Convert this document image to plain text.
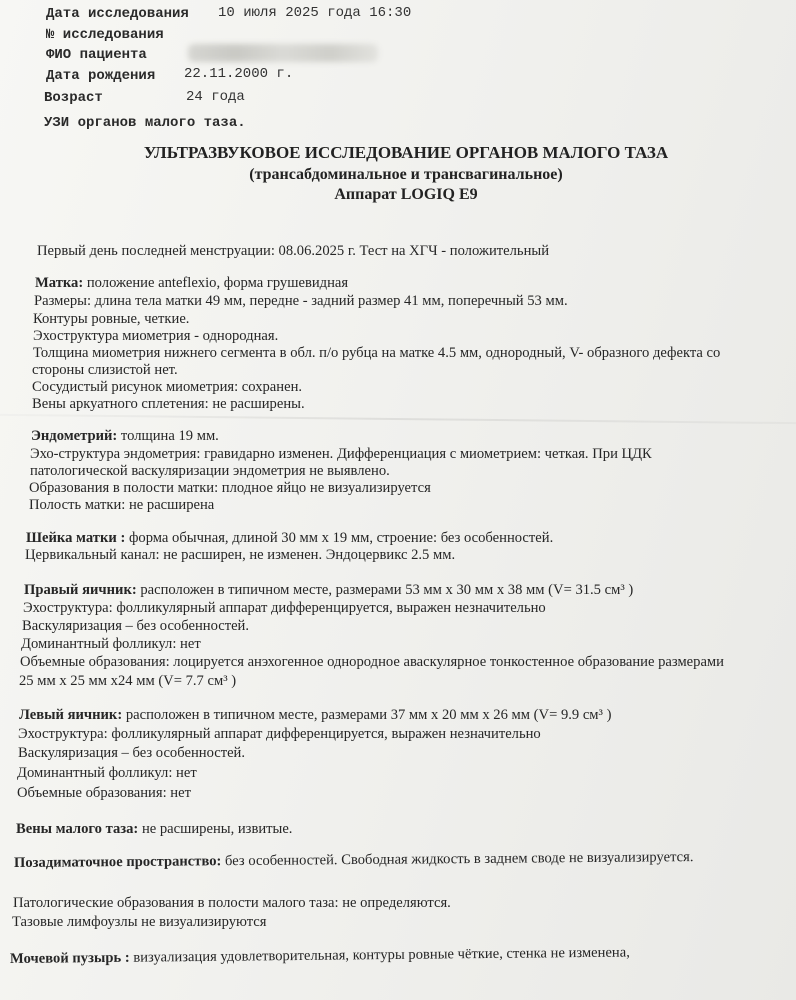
Дата исследования 10 июля 2025 года 16:30
№ исследования
ФИО пациента
Дата рождения 22.11.2000 г.
Возраст	24 года
УЗИ органов малого таза.
УЛЬТРАЗВУКОВОЕ ИССЛЕДОВАНИЕ ОРГАНОВ МАЛОГО ТАЗА
(трансабдоминальное и трансвагинальное)
Аппарат LOGIQ E9
Первый день последней менструации: 08.06.2025 г. Тест на ХГЧ - положительный
Матка: положение anteflexio, форма грушевидная
Размеры: длина тела матки 49 мм, передне - задний размер 41 мм, поперечный 53 мм.
Контуры ровные, четкие.
Эхоструктура миометрия - однородная.
Толщина миометрия нижнего сегмента в обл. п/о рубца на матке 4.5 мм, однородный, V- образного дефекта со
стороны слизистой нет.
Сосудистый рисунок миометрия: сохранен.
Вены аркуатного сплетения: не расширены.
Эндометрий: толщина 19 мм.
Эхо-структура эндометрия: гравидарно изменен. Дифференциация с миометрием: четкая. При ЦДК
патологической васкуляризации эндометрия не выявлено.
Образования в полости матки: плодное яйцо не визуализируется
Полость матки: не расширена
Шейка матки : форма обычная, длиной 30 мм х 19 мм, строение: без особенностей.
Цервикальный канал: не расширен, не изменен. Эндоцервикс 2.5 мм.
Правый яичник: расположен в типичном месте, размерами 53 мм х 30 мм х 38 мм (V= 31.5 см³ )
Эхоструктура: фолликулярный аппарат дифференцируется, выражен незначительно
Васкуляризация – без особенностей.
Доминантный фолликул: нет
Объемные образования: лоцируется анэхогенное однородное аваскулярное тонкостенное образование размерами
25 мм х 25 мм х24 мм (V= 7.7 см³ )
Левый яичник: расположен в типичном месте, размерами 37 мм х 20 мм х 26 мм (V= 9.9 см³ )
Эхоструктура: фолликулярный аппарат дифференцируется, выражен незначительно
Васкуляризация – без особенностей.
Доминантный фолликул: нет
Объемные образования: нет
Вены малого таза: не расширены, извитые.
Позадиматочное пространство: без особенностей. Свободная жидкость в заднем своде не визуализируется.
Патологические образования в полости малого таза: не определяются.
Тазовые лимфоузлы не визуализируются
Мочевой пузырь : визуализация удовлетворительная, контуры ровные чёткие, стенка не изменена,
